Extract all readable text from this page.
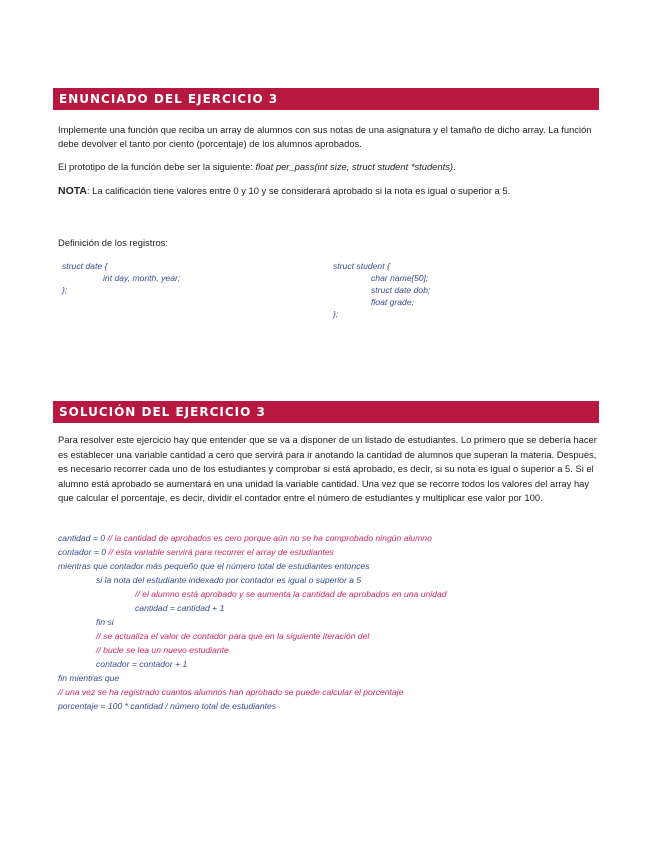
ENUNCIADO DEL EJERCICIO 3
Implemente una función que reciba un array de alumnos con sus notas de una asignatura y el tamaño de dicho array. La función debe devolver el tanto por ciento (porcentaje) de los alumnos aprobados.
El prototipo de la función debe ser la siguiente: float per_pass(int size, struct student *students).
NOTA: La calificación tiene valores entre 0 y 10 y se considerará aprobado si la nota es igual o superior a 5.
Definición de los registros:
struct date {
int day, month, year;
};
struct student {
char name[50];
struct date dob;
float grade;
};
SOLUCIÓN DEL EJERCICIO 3
Para resolver este ejercicio hay que entender que se va a disponer de un listado de estudiantes. Lo primero que se debería hacer es establecer una variable cantidad a cero que servirá para ir anotando la cantidad de alumnos que superan la materia. Después, es necesario recorrer cada uno de los estudiantes y comprobar si está aprobado, es decir, si su nota es igual o superior a 5. Si el alumno está aprobado se aumentará en una unidad la variable cantidad. Una vez que se recorre todos los valores del array hay que calcular el porcentaje, es decir, dividir el contador entre el número de estudiantes y multiplicar ese valor por 100.
cantidad = 0 // la cantidad de aprobados es cero porque aún no se ha comprobado ningún alumno
contador = 0 // esta variable servirá para recorrer el array de estudiantes
mientras que contador más pequeño que el número total de estudiantes entonces
si la nota del estudiante indexado por contador es igual o superior a 5
// el alumno está aprobado y se aumenta la cantidad de aprobados en una unidad
cantidad = cantidad + 1
fin si
// se actualiza el valor de contador para que en la siguiente iteración del
// bucle se lea un nuevo estudiante
contador = contador + 1
fin mientras que
// una vez se ha registrado cuantos alumnos han aprobado se puede calcular el porcentaje
porcentaje = 100 * cantidad / número total de estudiantes
